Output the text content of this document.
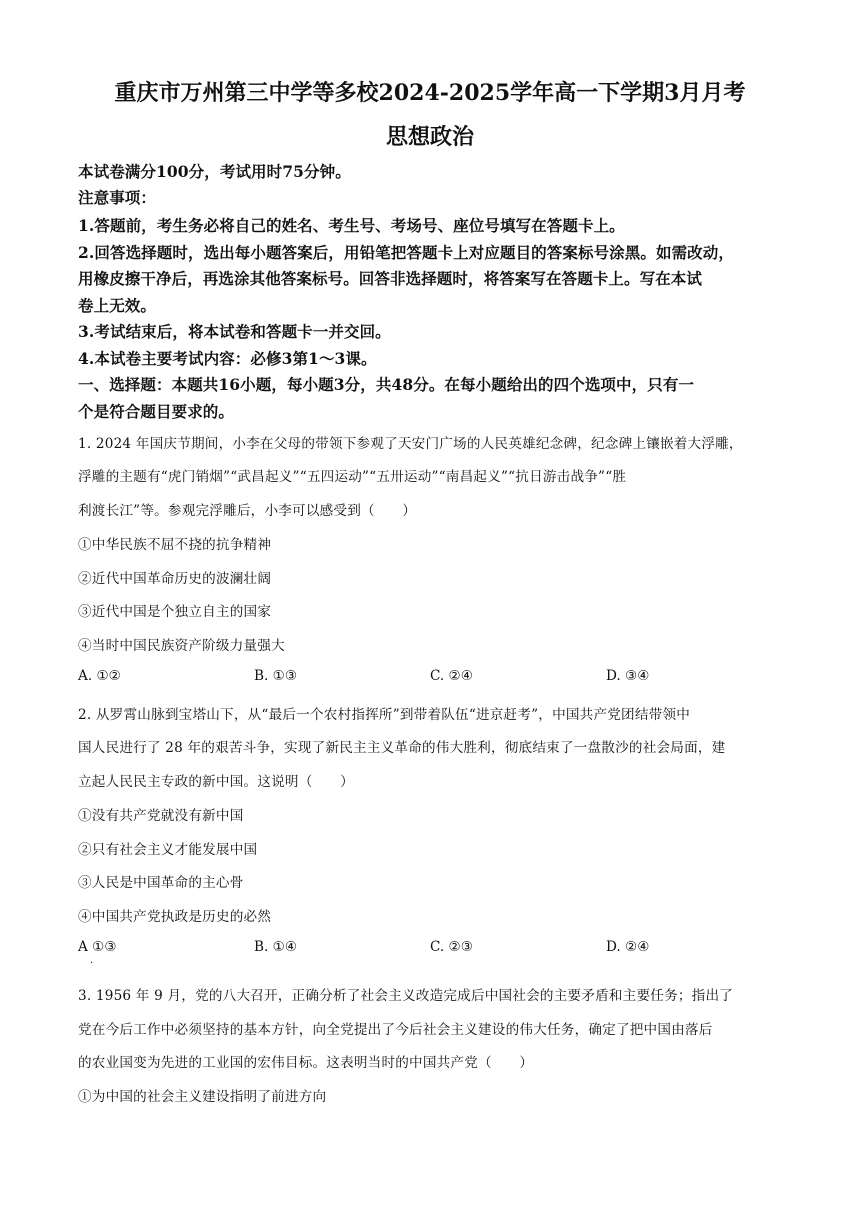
重庆市万州第三中学等多校2024-2025学年高一下学期3月月考
思想政治
本试卷满分100分，考试用时75分钟。
注意事项：
1.答题前，考生务必将自己的姓名、考生号、考场号、座位号填写在答题卡上。
2.回答选择题时，选出每小题答案后，用铅笔把答题卡上对应题目的答案标号涂黑。如需改动，
用橡皮擦干净后，再选涂其他答案标号。回答非选择题时，将答案写在答题卡上。写在本试
卷上无效。
3.考试结束后，将本试卷和答题卡一并交回。
4.本试卷主要考试内容：必修3第1～3课。
一、选择题：本题共16小题，每小题3分，共48分。在每小题给出的四个选项中，只有一
个是符合题目要求的。
1. 2024 年国庆节期间，小李在父母的带领下参观了天安门广场的人民英雄纪念碑，纪念碑上镶嵌着大浮雕，
浮雕的主题有“虎门销烟”“武昌起义”“五四运动”“五卅运动”“南昌起义”“抗日游击战争”“胜
利渡长江”等。参观完浮雕后，小李可以感受到（　　）
①中华民族不屈不挠的抗争精神
②近代中国革命历史的波澜壮阔
③近代中国是个独立自主的国家
④当时中国民族资产阶级力量强大
A. ①②	B. ①③	C. ②④	D. ③④
2. 从罗霄山脉到宝塔山下，从“最后一个农村指挥所”到带着队伍“进京赶考”，中国共产党团结带领中
国人民进行了 28 年的艰苦斗争，实现了新民主主义革命的伟大胜利，彻底结束了一盘散沙的社会局面，建
立起人民民主专政的新中国。这说明（　　）
①没有共产党就没有新中国
②只有社会主义才能发展中国
③人民是中国革命的主心骨
④中国共产党执政是历史的必然
A ①③
.
B. ①④	C. ②③	D. ②④
3. 1956 年 9 月，党的八大召开，正确分析了社会主义改造完成后中国社会的主要矛盾和主要任务；指出了
党在今后工作中必须坚持的基本方针，向全党提出了今后社会主义建设的伟大任务，确定了把中国由落后
的农业国变为先进的工业国的宏伟目标。这表明当时的中国共产党（　　）
①为中国的社会主义建设指明了前进方向
